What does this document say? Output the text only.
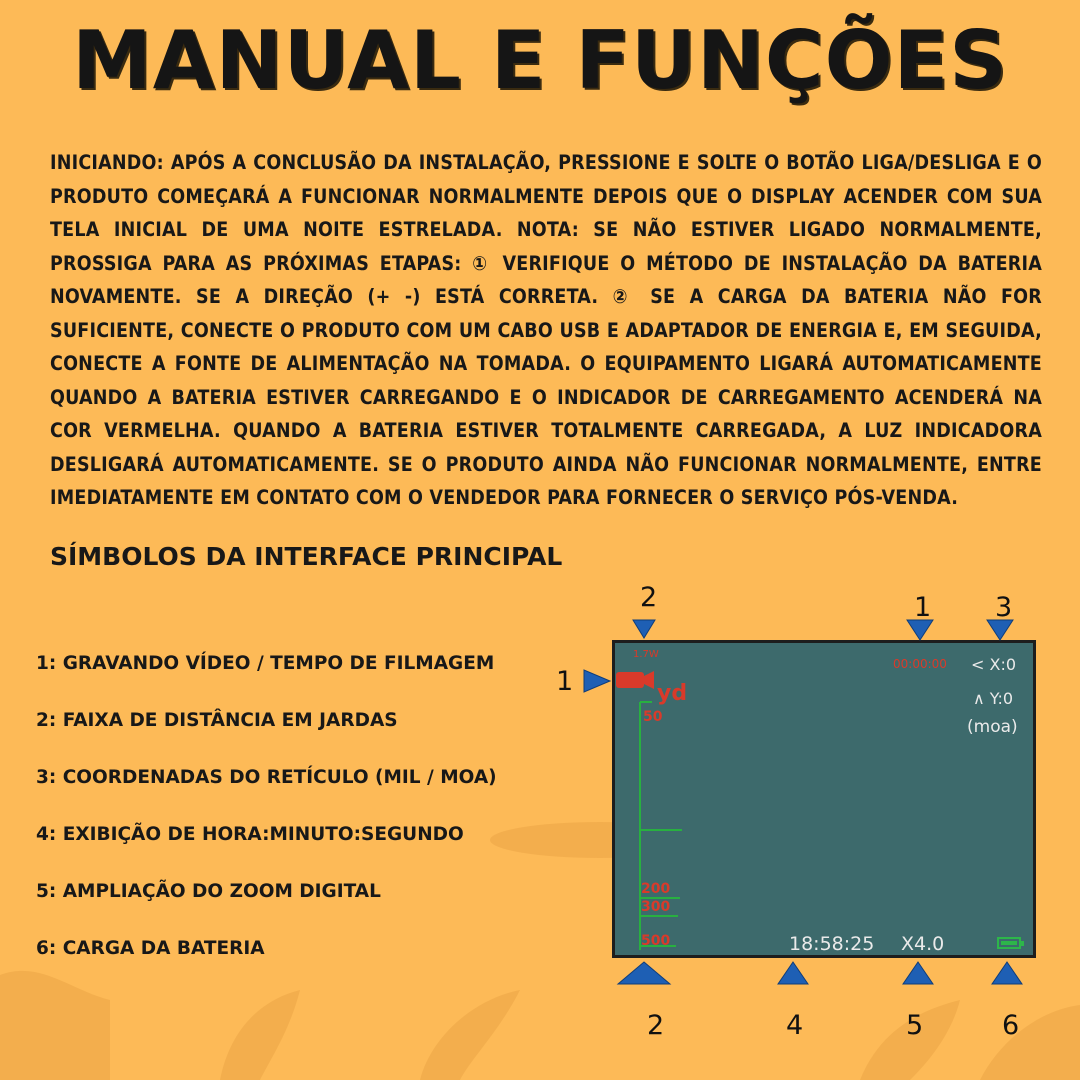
MANUAL E FUNÇÕES

INICIANDO: APÓS A CONCLUSÃO DA INSTALAÇÃO, PRESSIONE E SOLTE O BOTÃO LIGA/DESLIGA E O PRODUTO COMEÇARÁ A FUNCIONAR NORMALMENTE DEPOIS QUE O DISPLAY ACENDER COM SUA TELA INICIAL DE UMA NOITE ESTRELADA. NOTA: SE NÃO ESTIVER LIGADO NORMALMENTE, PROSSIGA PARA AS PRÓXIMAS ETAPAS: ① VERIFIQUE O MÉTODO DE INSTALAÇÃO DA BATERIA NOVAMENTE. SE A DIREÇÃO (+ -) ESTÁ CORRETA. ② SE A CARGA DA BATERIA NÃO FOR SUFICIENTE, CONECTE O PRODUTO COM UM CABO USB E ADAPTADOR DE ENERGIA E, EM SEGUIDA, CONECTE A FONTE DE ALIMENTAÇÃO NA TOMADA. O EQUIPAMENTO LIGARÁ AUTOMATICAMENTE QUANDO A BATERIA ESTIVER CARREGANDO E O INDICADOR DE CARREGAMENTO ACENDERÁ NA COR VERMELHA. QUANDO A BATERIA ESTIVER TOTALMENTE CARREGADA, A LUZ INDICADORA DESLIGARÁ AUTOMATICAMENTE. SE O PRODUTO AINDA NÃO FUNCIONAR NORMALMENTE, ENTRE IMEDIATAMENTE EM CONTATO COM O VENDEDOR PARA FORNECER O SERVIÇO PÓS-VENDA.

SÍMBOLOS DA INTERFACE PRINCIPAL
1: GRAVANDO VÍDEO / TEMPO DE FILMAGEM
2: FAIXA DE DISTÂNCIA EM JARDAS
3: COORDENADAS DO RETÍCULO (MIL / MOA)
4: EXIBIÇÃO DE HORA:MINUTO:SEGUNDO
5: AMPLIAÇÃO DO ZOOM DIGITAL
6: CARGA DA BATERIA
1.7W
yd
50
200
300
500
00:00:00 < X:0
∧ Y:0
(moa)
18:58:25 X4.0
2	1 3
1
2	4	5	6
